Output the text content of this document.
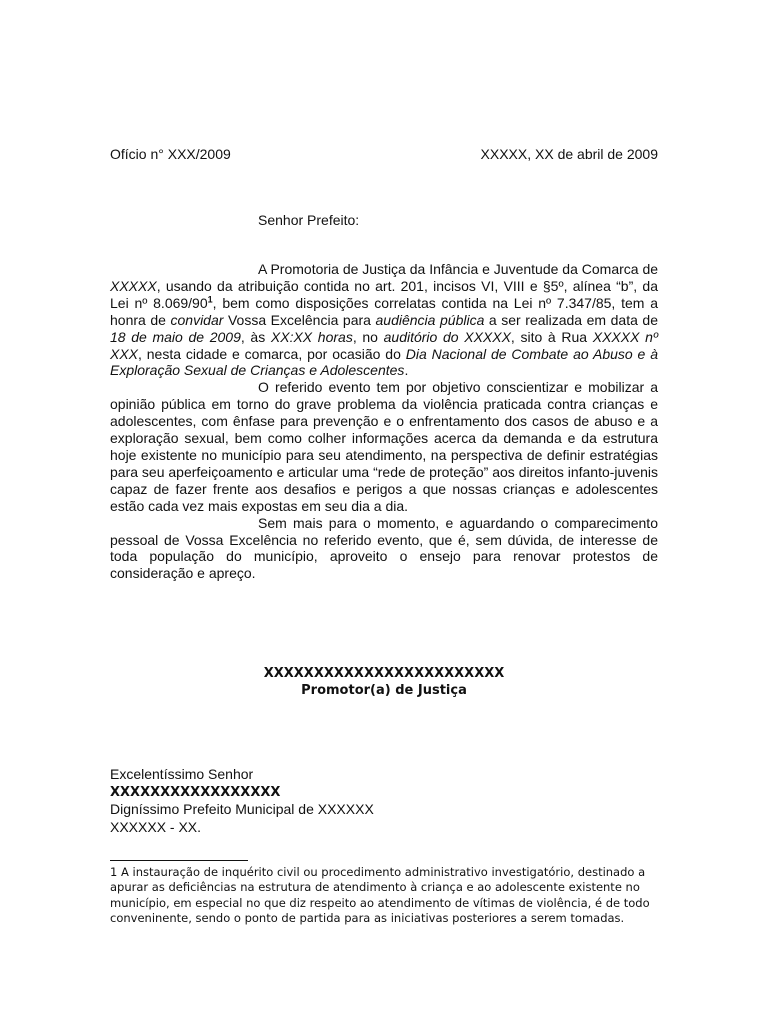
Ofício n° XXX/2009	XXXXX, XX de abril de 2009
Senhor Prefeito:

A Promotoria de Justiça da Infância e Juventude da Comarca de XXXXX, usando da atribuição contida no art. 201, incisos VI, VIII e §5º, alínea “b”, da Lei nº $8.069/90^1$, bem como disposições correlatas contida na Lei nº 7.347/85, tem a honra de convidar Vossa Excelência para audiência pública a ser realizada em data de 18 de maio de 2009, às XX:XX horas, no auditório do XXXXX, sito à Rua XXXXX nº XXX, nesta cidade e comarca, por ocasião do Dia Nacional de Combate ao Abuso e à Exploração Sexual de Crianças e Adolescentes.

O referido evento tem por objetivo conscientizar e mobilizar a opinião pública em torno do grave problema da violência praticada contra crianças e adolescentes, com ênfase para prevenção e o enfrentamento dos casos de abuso e a exploração sexual, bem como colher informações acerca da demanda e da estrutura hoje existente no município para seu atendimento, na perspectiva de definir estratégias para seu aperfeiçoamento e articular uma “rede de proteção” aos direitos infanto-juvenis capaz de fazer frente aos desafios e perigos a que nossas crianças e adolescentes estão cada vez mais expostas em seu dia a dia.

Sem mais para o momento, e aguardando o comparecimento pessoal de Vossa Excelência no referido evento, que é, sem dúvida, de interesse de toda população do município, aproveito o ensejo para renovar protestos de consideração e apreço.

XXXXXXXXXXXXXXXXXXXXXXXX
Promotor(a) de Justiça
Excelentíssimo Senhor
XXXXXXXXXXXXXXXXX
Digníssimo Prefeito Municipal de XXXXXX
XXXXXX - XX.

1 A instauração de inquérito civil ou procedimento administrativo investigatório, destinado a apurar as deficiências na estrutura de atendimento à criança e ao adolescente existente no município, em especial no que diz respeito ao atendimento de vítimas de violência, é de todo conveninente, sendo o ponto de partida para as iniciativas posteriores a serem tomadas.
